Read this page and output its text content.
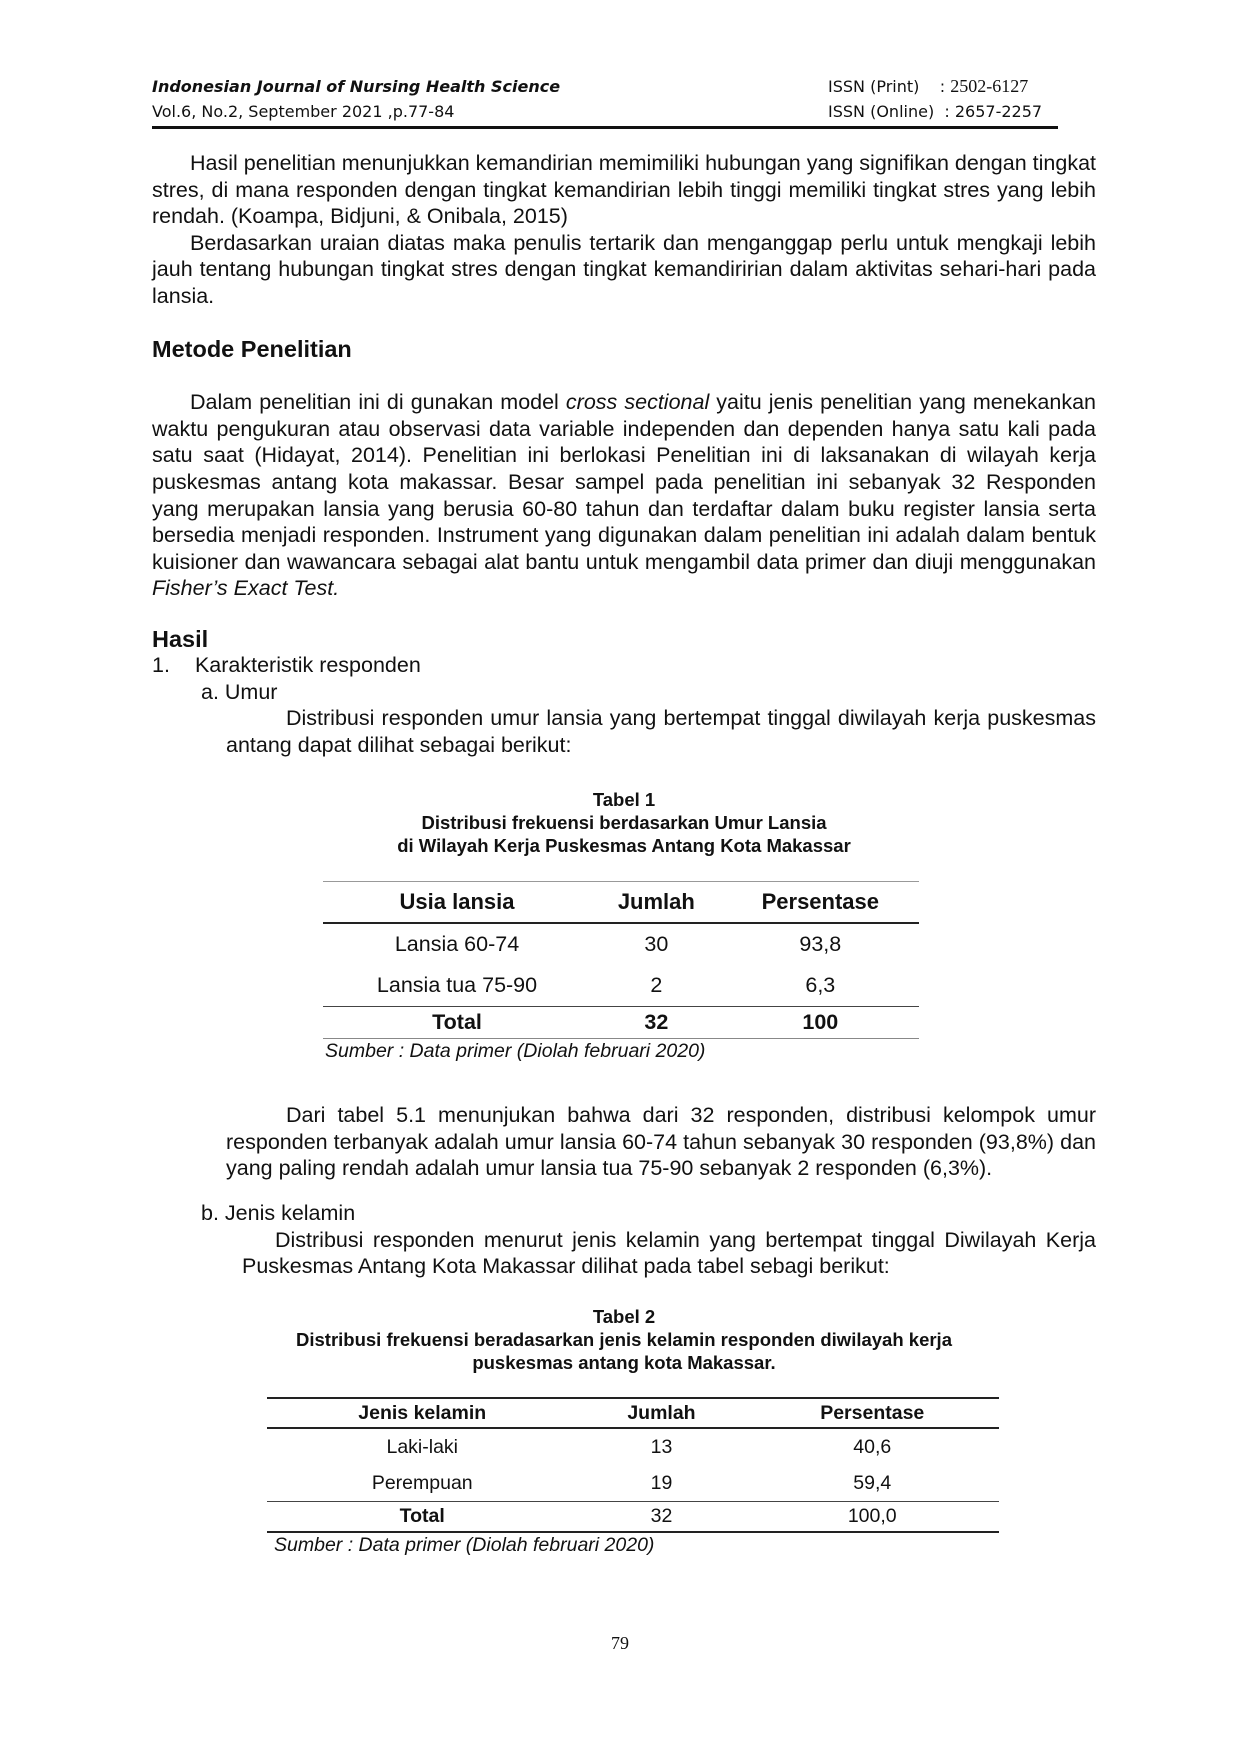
Indonesian Journal of Nursing Health Science
Vol.6, No.2, September 2021 ,p.77-84
ISSN (Print)    : 2502-6127
ISSN (Online)  : 2657-2257

Hasil penelitian menunjukkan kemandirian memimiliki hubungan yang signifikan dengan tingkat stres, di mana responden dengan tingkat kemandirian lebih tinggi memiliki tingkat stres yang lebih rendah. (Koampa, Bidjuni, & Onibala, 2015)

Berdasarkan uraian diatas maka penulis tertarik dan menganggap perlu untuk mengkaji lebih jauh tentang hubungan tingkat stres dengan tingkat kemandiririan dalam aktivitas sehari-hari pada lansia.

Metode Penelitian

Dalam penelitian ini di gunakan model cross sectional yaitu jenis penelitian yang menekankan waktu pengukuran atau observasi data variable independen dan dependen hanya satu kali pada satu saat (Hidayat, 2014). Penelitian ini berlokasi Penelitian ini di laksanakan di wilayah kerja puskesmas antang kota makassar. Besar sampel pada penelitian ini sebanyak 32 Responden yang merupakan lansia yang berusia 60-80 tahun dan terdaftar dalam buku register lansia serta bersedia menjadi responden. Instrument yang digunakan dalam penelitian ini adalah dalam bentuk kuisioner dan wawancara sebagai alat bantu untuk mengambil data primer dan diuji menggunakan Fisher’s Exact Test.

Hasil
1. Karakteristik responden
a. Umur

Distribusi responden umur lansia yang bertempat tinggal diwilayah kerja puskesmas antang dapat dilihat sebagai berikut:

Tabel 1
Distribusi frekuensi berdasarkan Umur Lansia
di Wilayah Kerja Puskesmas Antang Kota Makassar
Usia lansia	Jumlah	Persentase
Lansia 60-74	30	93,8
Lansia tua 75-90	2	6,3
Total	32	100
Sumber : Data primer (Diolah februari 2020)

Dari tabel 5.1 menunjukan bahwa dari 32 responden, distribusi kelompok umur responden terbanyak adalah umur lansia 60-74 tahun sebanyak 30 responden (93,8%) dan yang paling rendah adalah umur lansia tua 75-90 sebanyak 2 responden (6,3%).

b. Jenis kelamin

Distribusi responden menurut jenis kelamin yang bertempat tinggal Diwilayah Kerja Puskesmas Antang Kota Makassar dilihat pada tabel sebagi berikut:

Tabel 2
Distribusi frekuensi beradasarkan jenis kelamin responden diwilayah kerja
puskesmas antang kota Makassar.
Jenis kelamin	Jumlah	Persentase
Laki-laki	13	40,6
Perempuan	19	59,4
Total	32	100,0
Sumber : Data primer (Diolah februari 2020)
79
